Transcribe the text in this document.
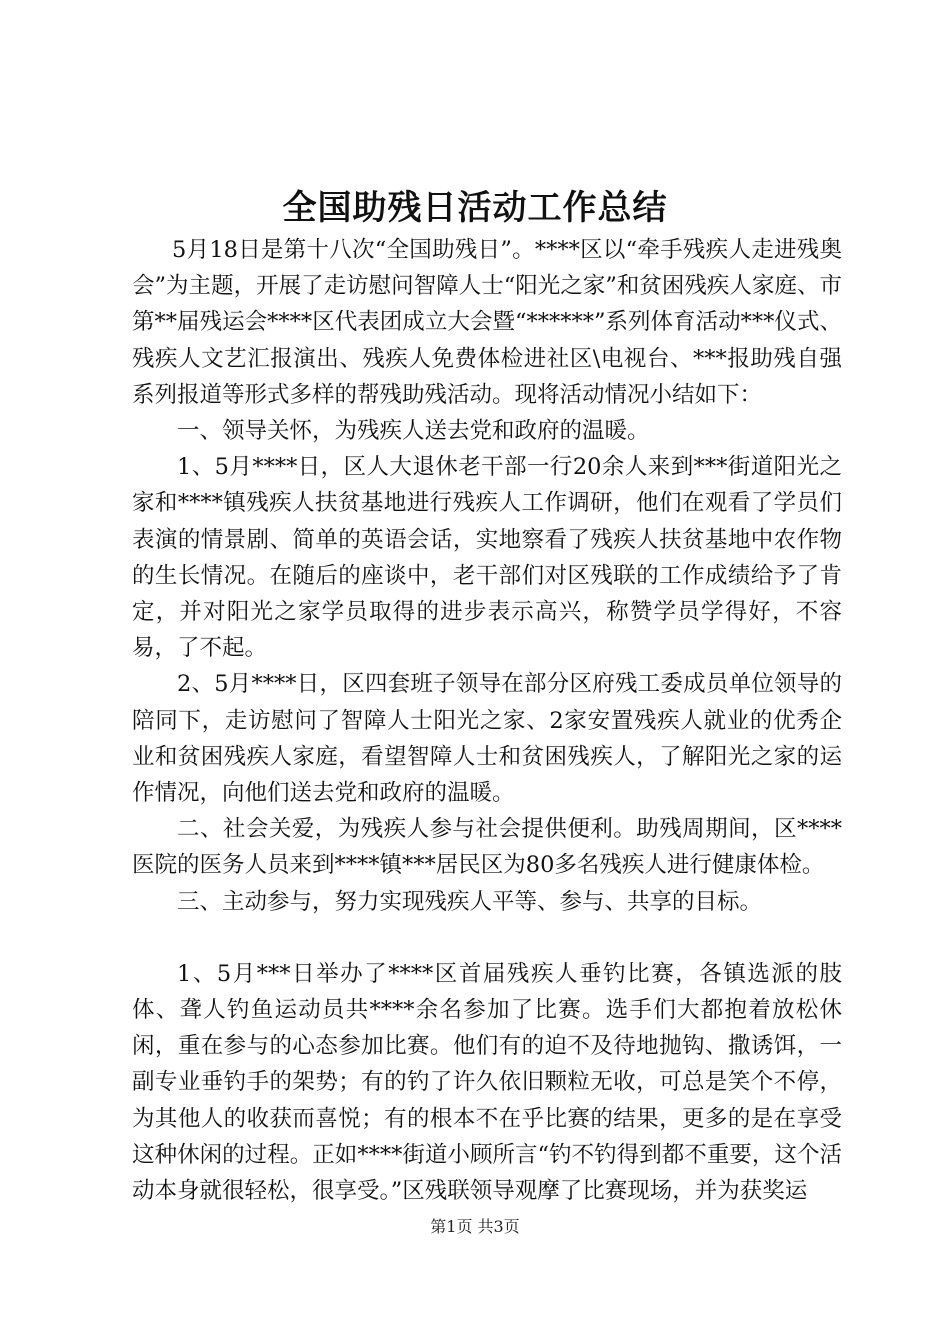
全国助残日活动工作总结

5月18日是第十八次“全国助残日”。****区以“牵手残疾人走进残奥会”为主题，开展了走访慰问智障人士“阳光之家”和贫困残疾人家庭、市第**届残运会****区代表团成立大会暨“******”系列体育活动***仪式、残疾人文艺汇报演出、残疾人免费体检进社区\电视台、***报助残自强系列报道等形式多样的帮残助残活动。现将活动情况小结如下：

一、领导关怀，为残疾人送去党和政府的温暖。

1、5月****日，区人大退休老干部一行20余人来到***街道阳光之家和****镇残疾人扶贫基地进行残疾人工作调研，他们在观看了学员们表演的情景剧、简单的英语会话，实地察看了残疾人扶贫基地中农作物的生长情况。在随后的座谈中，老干部们对区残联的工作成绩给予了肯定，并对阳光之家学员取得的进步表示高兴，称赞学员学得好，不容易，了不起。

2、5月****日，区四套班子领导在部分区府残工委成员单位领导的陪同下，走访慰问了智障人士阳光之家、2家安置残疾人就业的优秀企业和贫困残疾人家庭，看望智障人士和贫困残疾人，了解阳光之家的运作情况，向他们送去党和政府的温暖。

二、社会关爱，为残疾人参与社会提供便利。助残周期间，区****医院的医务人员来到****镇***居民区为80多名残疾人进行健康体检。

三、主动参与，努力实现残疾人平等、参与、共享的目标。

1、5月***日举办了****区首届残疾人垂钓比赛，各镇选派的肢体、聋人钓鱼运动员共****余名参加了比赛。选手们大都抱着放松休闲，重在参与的心态参加比赛。他们有的迫不及待地抛钩、撒诱饵，一副专业垂钓手的架势；有的钓了许久依旧颗粒无收，可总是笑个不停，为其他人的收获而喜悦；有的根本不在乎比赛的结果，更多的是在享受这种休闲的过程。正如****街道小顾所言“钓不钓得到都不重要，这个活动本身就很轻松，很享受。”区残联领导观摩了比赛现场，并为获奖运

第1页 共3页
